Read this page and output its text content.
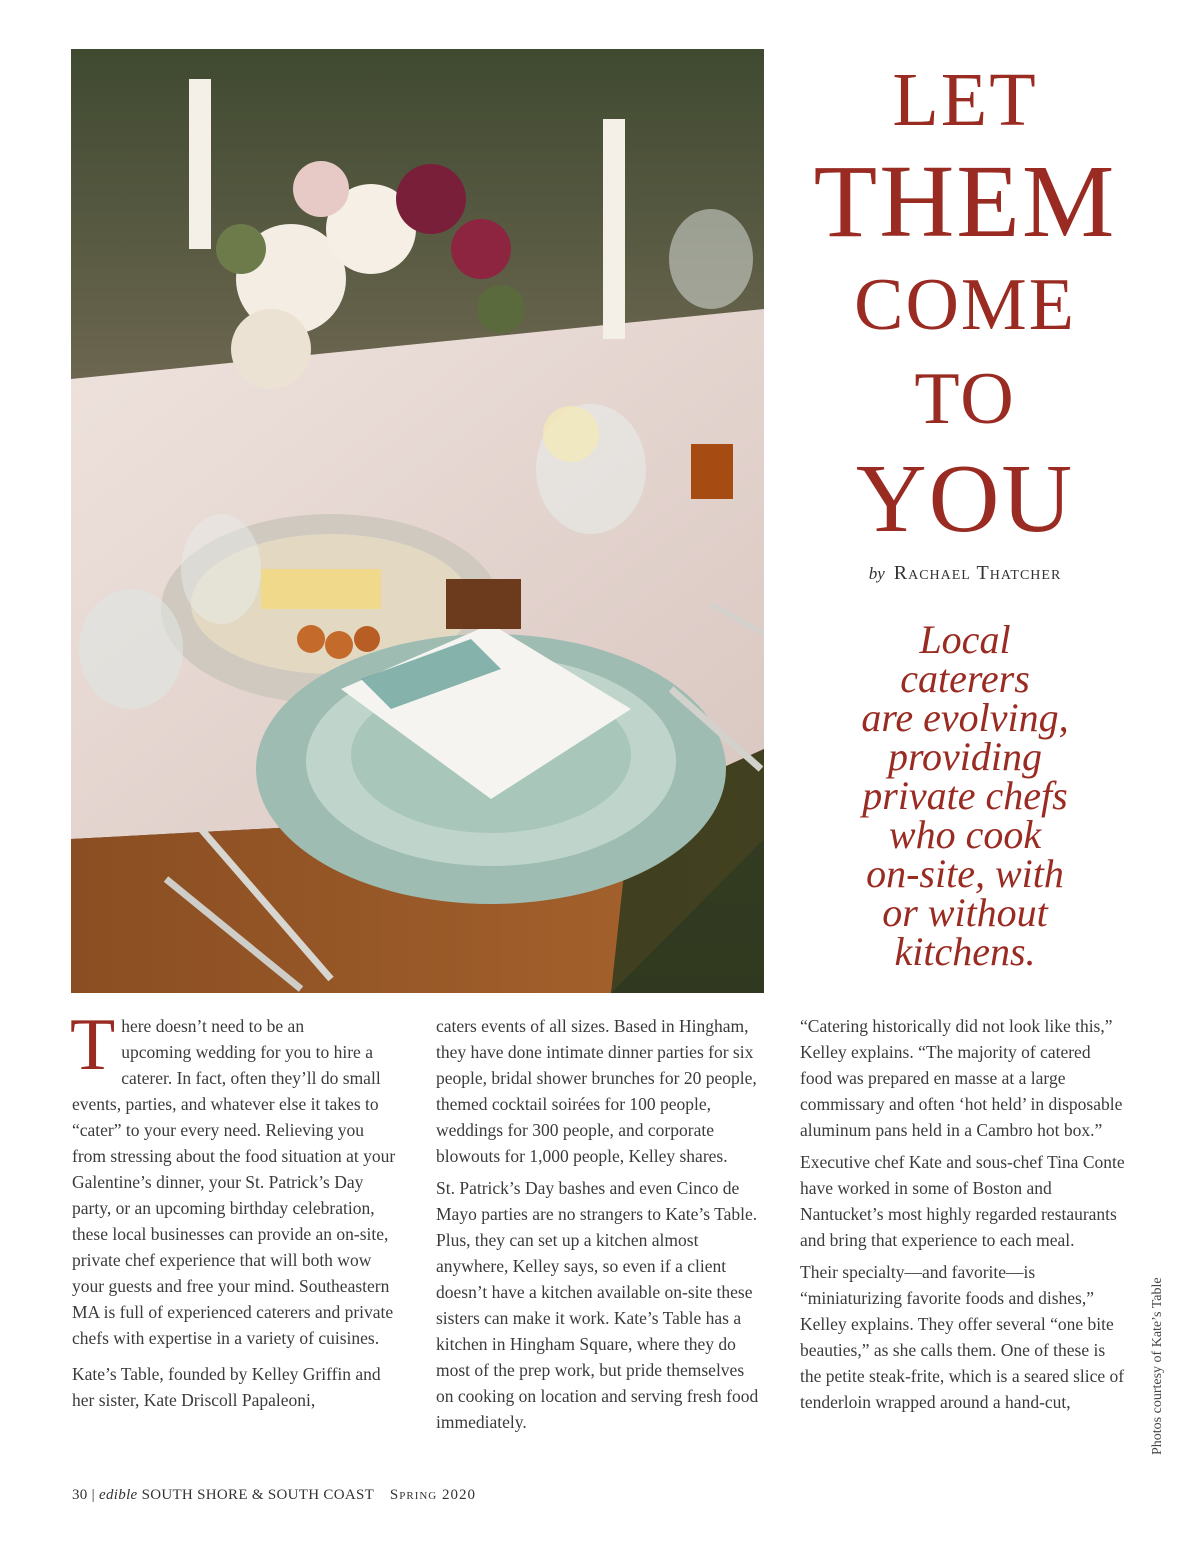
LET
THEM
COME
TO
YOU
by Rachael Thatcher
Local
caterers
are evolving,
providing
private chefs
who cook
on-site, with
or without
kitchens.

T here doesn’t need to be an
upcoming wedding for you to hire a caterer. In fact, often they’ll do small events, parties, and whatever else it takes to “cater” to your every need. Relieving you from stressing about the food situation at your Galentine’s dinner, your St. Patrick’s Day party, or an upcoming birthday celebration, these local businesses can provide an on-site, private chef experience that will both wow your guests and free your mind. Southeastern MA is full of experienced caterers and private chefs with expertise in a variety of cuisines.

Kate’s Table, founded by Kelley Griffin and her sister, Kate Driscoll Papaleoni,

caters events of all sizes. Based in Hingham, they have done intimate dinner parties for six people, bridal shower brunches for 20 people, themed cocktail soirées for 100 people, weddings for 300 people, and corporate blowouts for 1,000 people, Kelley shares.

St. Patrick’s Day bashes and even Cinco de Mayo parties are no strangers to Kate’s Table. Plus, they can set up a kitchen almost anywhere, Kelley says, so even if a client doesn’t have a kitchen available on-site these sisters can make it work. Kate’s Table has a kitchen in Hingham Square, where they do most of the prep work, but pride themselves on cooking on location and serving fresh food immediately.

“Catering historically did not look like this,” Kelley explains. “The majority of catered food was prepared en masse at a large commissary and often ‘hot held’ in disposable aluminum pans held in a Cambro hot box.”

Executive chef Kate and sous-chef Tina Conte have worked in some of Boston and Nantucket’s most highly regarded restaurants and bring that experience to each meal.

Their specialty—and favorite—is “miniaturizing favorite foods and dishes,” Kelley explains. They offer several “one bite beauties,” as she calls them. One of these is the petite steak-frite, which is a seared slice of tenderloin wrapped around a hand-cut,	Photos courtesy of Kate’s Table
30 | edible SOUTH SHORE & SOUTH COAST Spring 2020
